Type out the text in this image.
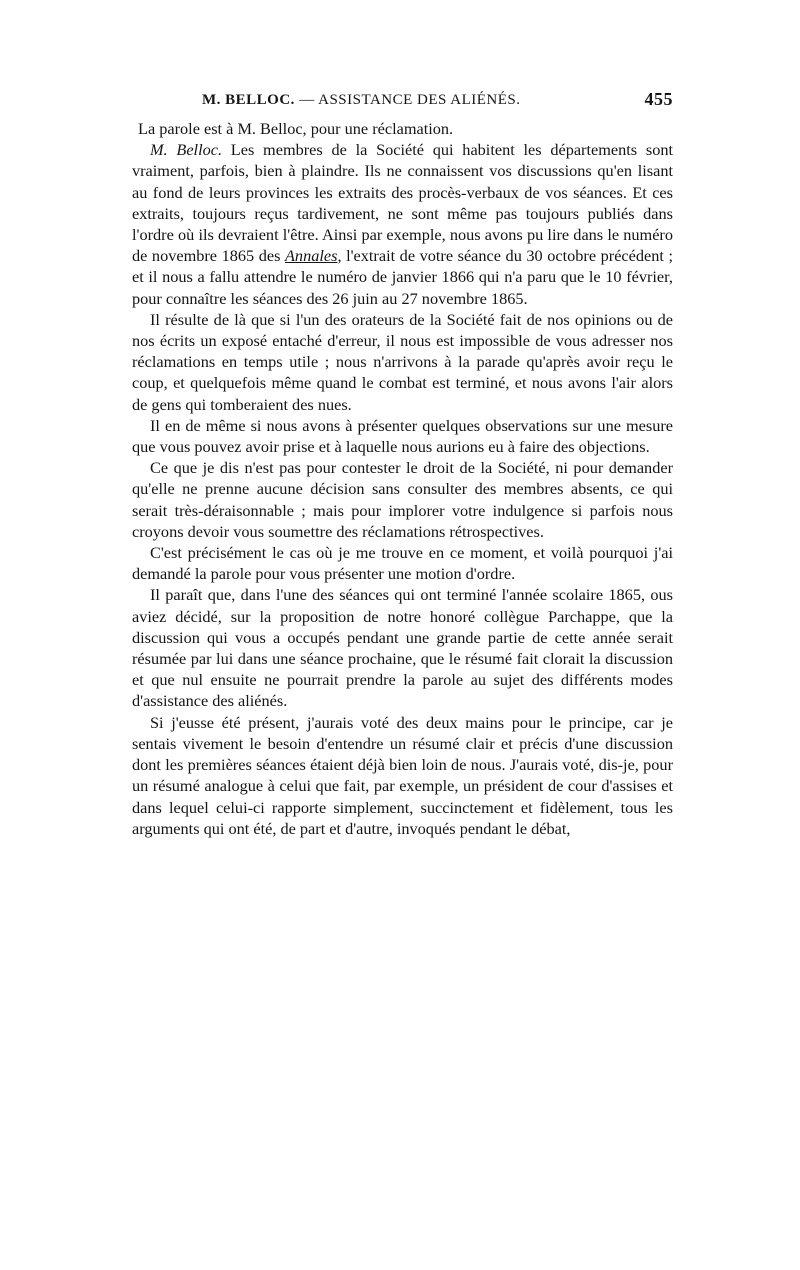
M. BELLOC. — ASSISTANCE DES ALIÉNÉS.	455

La parole est à M. Belloc, pour une réclamation.

M. Belloc. Les membres de la Société qui habitent les départements sont vraiment, parfois, bien à plaindre. Ils ne connaissent vos discussions qu'en lisant au fond de leurs provinces les extraits des procès-verbaux de vos séances. Et ces extraits, toujours reçus tardivement, ne sont même pas toujours publiés dans l'ordre où ils devraient l'être. Ainsi par exemple, nous avons pu lire dans le numéro de novembre 1865 des Annales, l'extrait de votre séance du 30 octobre précédent ; et il nous a fallu attendre le numéro de janvier 1866 qui n'a paru que le 10 février, pour connaître les séances des 26 juin au 27 novembre 1865.

Il résulte de là que si l'un des orateurs de la Société fait de nos opinions ou de nos écrits un exposé entaché d'erreur, il nous est impossible de vous adresser nos réclamations en temps utile ; nous n'arrivons à la parade qu'après avoir reçu le coup, et quelquefois même quand le combat est terminé, et nous avons l'air alors de gens qui tomberaient des nues.

Il en de même si nous avons à présenter quelques observations sur une mesure que vous pouvez avoir prise et à laquelle nous aurions eu à faire des objections.

Ce que je dis n'est pas pour contester le droit de la Société, ni pour demander qu'elle ne prenne aucune décision sans consulter des membres absents, ce qui serait très-déraisonnable ; mais pour implorer votre indulgence si parfois nous croyons devoir vous soumettre des réclamations rétrospectives.

C'est précisément le cas où je me trouve en ce moment, et voilà pourquoi j'ai demandé la parole pour vous présenter une motion d'ordre.

Il paraît que, dans l'une des séances qui ont terminé l'année scolaire 1865, ous aviez décidé, sur la proposition de notre honoré collègue Parchappe, que la discussion qui vous a occupés pendant une grande partie de cette année serait résumée par lui dans une séance prochaine, que le résumé fait clorait la discussion et que nul ensuite ne pourrait prendre la parole au sujet des différents modes d'assistance des aliénés.

Si j'eusse été présent, j'aurais voté des deux mains pour le principe, car je sentais vivement le besoin d'entendre un résumé clair et précis d'une discussion dont les premières séances étaient déjà bien loin de nous. J'aurais voté, dis-je, pour un résumé analogue à celui que fait, par exemple, un président de cour d'assises et dans lequel celui-ci rapporte simplement, succinctement et fidèlement, tous les arguments qui ont été, de part et d'autre, invoqués pendant le débat,
